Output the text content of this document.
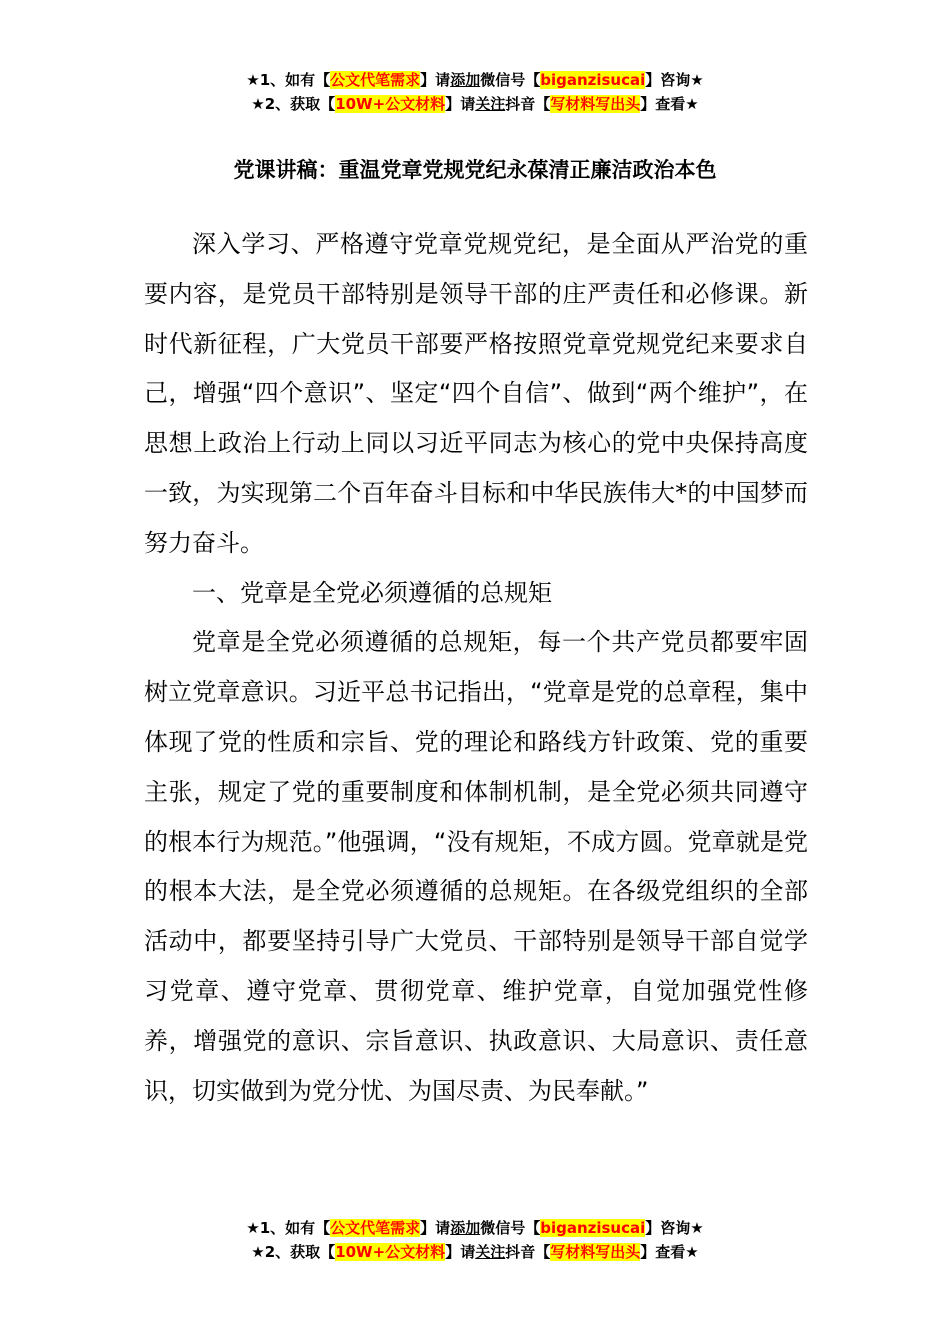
★1、如有【公文代笔需求】请添加微信号【biganzisucai】咨询★
★2、获取【10W+公文材料】请关注抖音【写材料写出头】查看★
党课讲稿：重温党章党规党纪永葆清正廉洁政治本色

深入学习、严格遵守党章党规党纪，是全面从严治党的重要内容，是党员干部特别是领导干部的庄严责任和必修课。新时代新征程，广大党员干部要严格按照党章党规党纪来要求自己，增强“四个意识”、坚定“四个自信”、做到“两个维护”，在思想上政治上行动上同以习近平同志为核心的党中央保持高度一致，为实现第二个百年奋斗目标和中华民族伟大*的中国梦而努力奋斗。

一、党章是全党必须遵循的总规矩

党章是全党必须遵循的总规矩，每一个共产党员都要牢固树立党章意识。习近平总书记指出，“党章是党的总章程，集中体现了党的性质和宗旨、党的理论和路线方针政策、党的重要主张，规定了党的重要制度和体制机制，是全党必须共同遵守的根本行为规范。”他强调，“没有规矩，不成方圆。党章就是党的根本大法，是全党必须遵循的总规矩。在各级党组织的全部活动中，都要坚持引导广大党员、干部特别是领导干部自觉学习党章、遵守党章、贯彻党章、维护党章，自觉加强党性修养，增强党的意识、宗旨意识、执政意识、大局意识、责任意识，切实做到为党分忧、为国尽责、为民奉献。”

★1、如有【公文代笔需求】请添加微信号【biganzisucai】咨询★
★2、获取【10W+公文材料】请关注抖音【写材料写出头】查看★
